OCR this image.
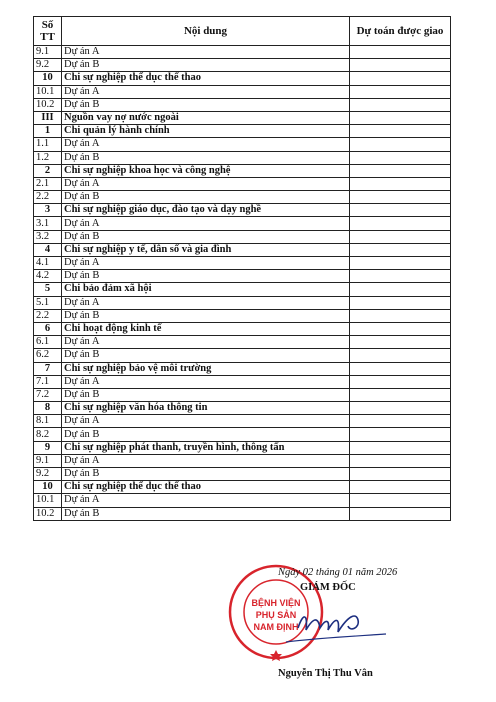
Số
TT	Nội dung	Dự toán được giao
9.1	Dự án A	
9.2	Dự án B	
10	Chi sự nghiệp thể dục thể thao	
10.1	Dự án A	
10.2	Dự án B	
III	Nguồn vay nợ nước ngoài	
1	Chi quản lý hành chính	
1.1	Dự án A	
1.2	Dự án B	
2	Chi sự nghiệp khoa học và công nghệ	
2.1	Dự án A	
2.2	Dự án B	
3	Chi sự nghiệp giáo dục, đào tạo và dạy nghề	
3.1	Dự án A	
3.2	Dự án B	
4	Chi sự nghiệp y tế, dân số và gia đình	
4.1	Dự án A	
4.2	Dự án B	
5	Chi bảo đảm xã hội	
5.1	Dự án A	
2.2	Dự án B	
6	Chi hoạt động kinh tế	
6.1	Dự án A	
6.2	Dự án B	
7	Chi sự nghiệp bảo vệ môi trường	
7.1	Dự án A	
7.2	Dự án B	
8	Chi sự nghiệp văn hóa thông tin	
8.1	Dự án A	
8.2	Dự án B	
9	Chi sự nghiệp phát thanh, truyền hình, thông tấn	
9.1	Dự án A	
9.2	Dự án B	
10	Chi sự nghiệp thể dục thể thao	
10.1	Dự án A	
10.2	Dự án B	
BỆNH VIỆN
PHỤ SẢN
NAM ĐỊNH
Ngày 02 tháng 01 năm 2026
GIÁM ĐỐC
Nguyễn Thị Thu Vân
